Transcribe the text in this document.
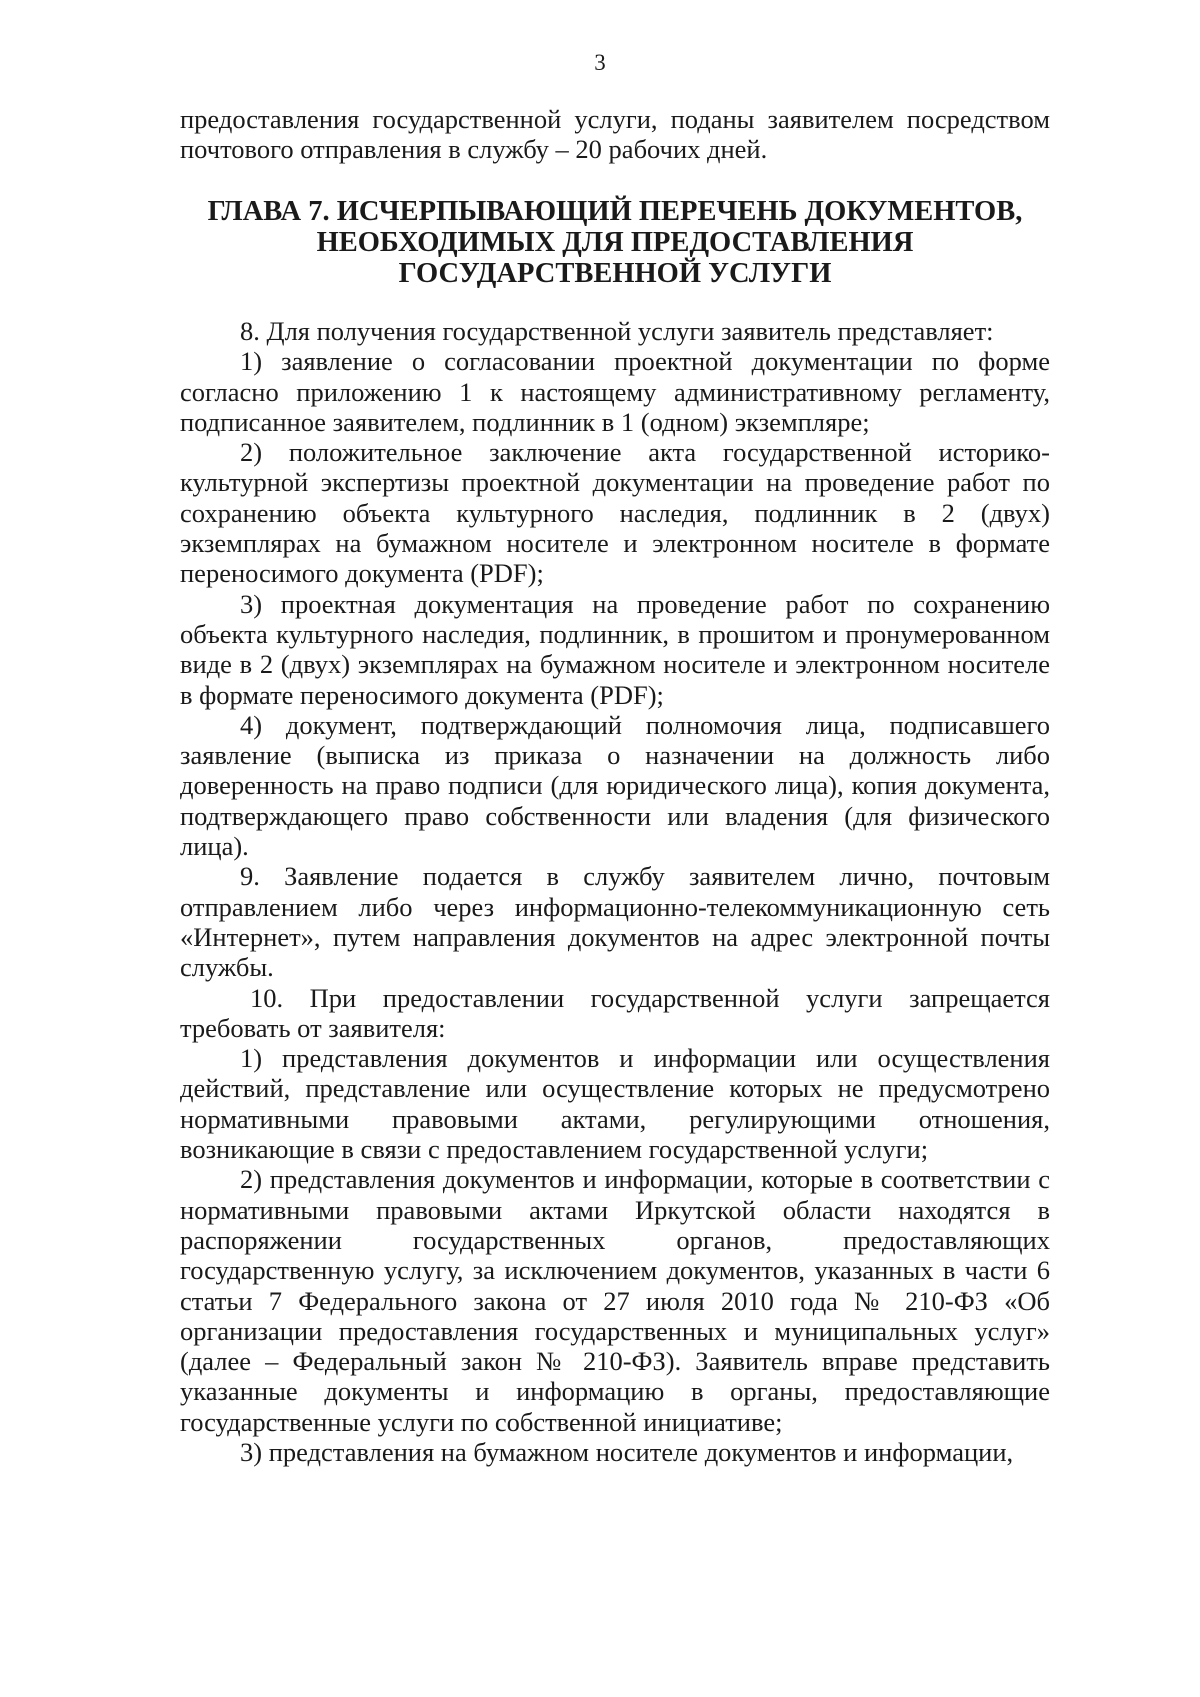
3

предоставления государственной услуги, поданы заявителем посредством почтового отправления в службу – 20 рабочих дней.

ГЛАВА 7. ИСЧЕРПЫВАЮЩИЙ ПЕРЕЧЕНЬ ДОКУМЕНТОВ,
НЕОБХОДИМЫХ ДЛЯ ПРЕДОСТАВЛЕНИЯ
ГОСУДАРСТВЕННОЙ УСЛУГИ

8. Для получения государственной услуги заявитель представляет:

1) заявление о согласовании проектной документации по форме согласно приложению 1 к настоящему административному регламенту, подписанное заявителем, подлинник в 1 (одном) экземпляре;

2) положительное заключение акта государственной историко-культурной экспертизы проектной документации на проведение работ по сохранению объекта культурного наследия, подлинник в 2 (двух) экземплярах на бумажном носителе и электронном носителе в формате переносимого документа (PDF);

3) проектная документация на проведение работ по сохранению объекта культурного наследия, подлинник, в прошитом и пронумерованном виде в 2 (двух) экземплярах на бумажном носителе и электронном носителе в формате переносимого документа (PDF);

4) документ, подтверждающий полномочия лица, подписавшего заявление (выписка из приказа о назначении на должность либо доверенность на право подписи (для юридического лица), копия документа, подтверждающего право собственности или владения (для физического лица).

9. Заявление подается в службу заявителем лично, почтовым отправлением либо через информационно-телекоммуникационную сеть «Интернет», путем направления документов на адрес электронной почты службы.

10. При предоставлении государственной услуги запрещается требовать от заявителя:

1) представления документов и информации или осуществления действий, представление или осуществление которых не предусмотрено нормативными правовыми актами, регулирующими отношения, возникающие в связи с предоставлением государственной услуги;

2) представления документов и информации, которые в соответствии с нормативными правовыми актами Иркутской области находятся в распоряжении государственных органов, предоставляющих государственную услугу, за исключением документов, указанных в части 6 статьи 7 Федерального закона от 27 июля 2010 года № 210-ФЗ «Об организации предоставления государственных и муниципальных услуг» (далее – Федеральный закон № 210-ФЗ). Заявитель вправе представить указанные документы и информацию в органы, предоставляющие государственные услуги по собственной инициативе;

3) представления на бумажном носителе документов и информации,
